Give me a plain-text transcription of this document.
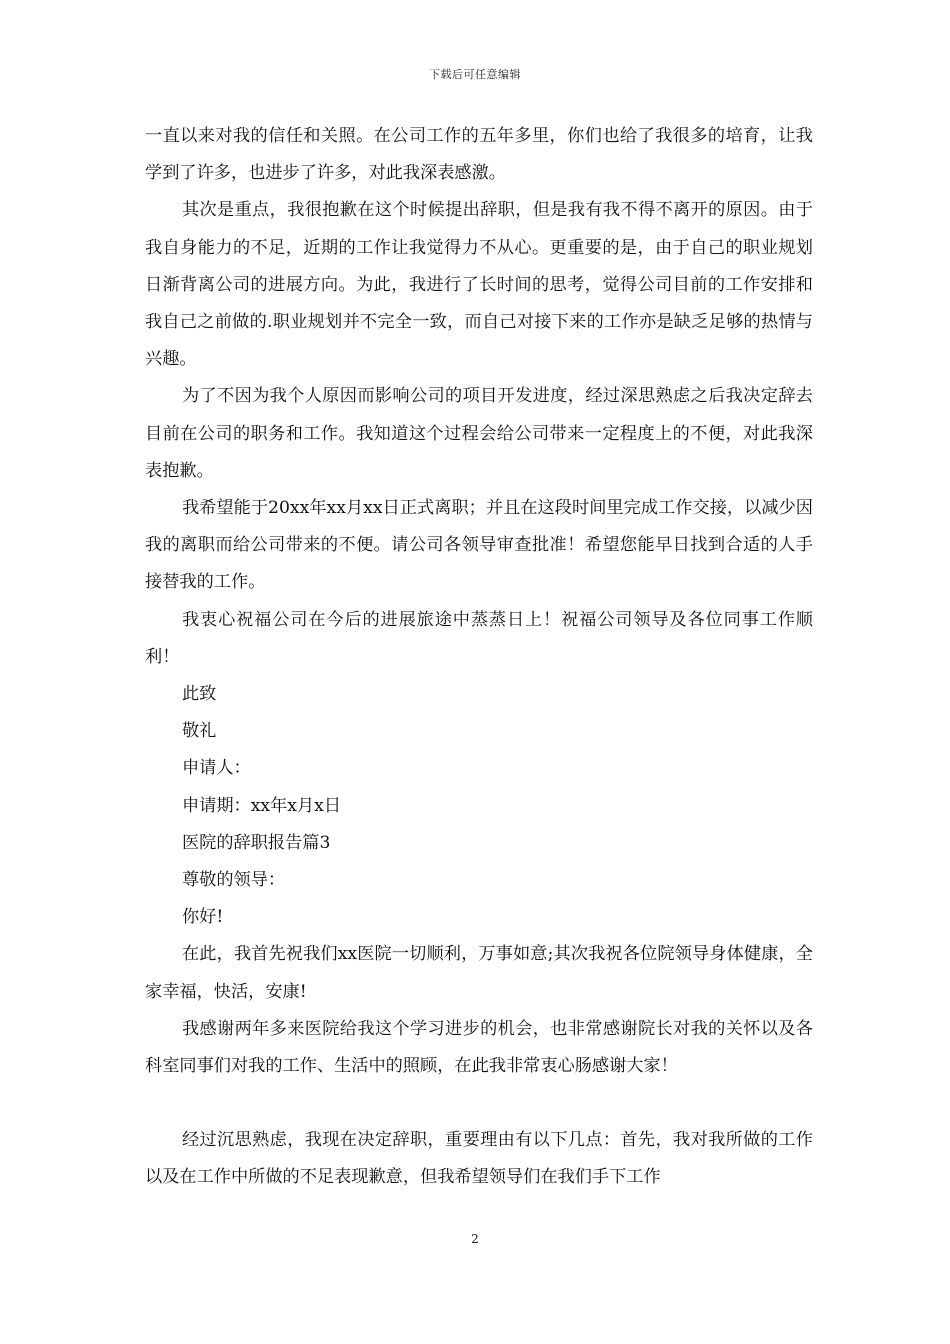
下载后可任意编辑

一直以来对我的信任和关照。在公司工作的五年多里，你们也给了我很多的培育，让我学到了许多，也进步了许多，对此我深表感激。

其次是重点，我很抱歉在这个时候提出辞职，但是我有我不得不离开的原因。由于我自身能力的不足，近期的工作让我觉得力不从心。更重要的是，由于自己的职业规划日渐背离公司的进展方向。为此，我进行了长时间的思考，觉得公司目前的工作安排和我自己之前做的.职业规划并不完全一致，而自己对接下来的工作亦是缺乏足够的热情与兴趣。

为了不因为我个人原因而影响公司的项目开发进度，经过深思熟虑之后我决定辞去目前在公司的职务和工作。我知道这个过程会给公司带来一定程度上的不便，对此我深表抱歉。

我希望能于20xx年xx月xx日正式离职；并且在这段时间里完成工作交接，以减少因我的离职而给公司带来的不便。请公司各领导审查批准！希望您能早日找到合适的人手接替我的工作。

我衷心祝福公司在今后的进展旅途中蒸蒸日上！祝福公司领导及各位同事工作顺利！

此致

敬礼

申请人：

申请期：xx年x月x日

医院的辞职报告篇3

尊敬的领导：

你好!

在此，我首先祝我们xx医院一切顺利，万事如意;其次我祝各位院领导身体健康，全家幸福，快活，安康!

我感谢两年多来医院给我这个学习进步的机会，也非常感谢院长对我的关怀以及各科室同事们对我的工作、生活中的照顾，在此我非常衷心肠感谢大家！

经过沉思熟虑，我现在决定辞职，重要理由有以下几点：首先，我对我所做的工作以及在工作中所做的不足表现歉意，但我希望领导们在我们手下工作

2
